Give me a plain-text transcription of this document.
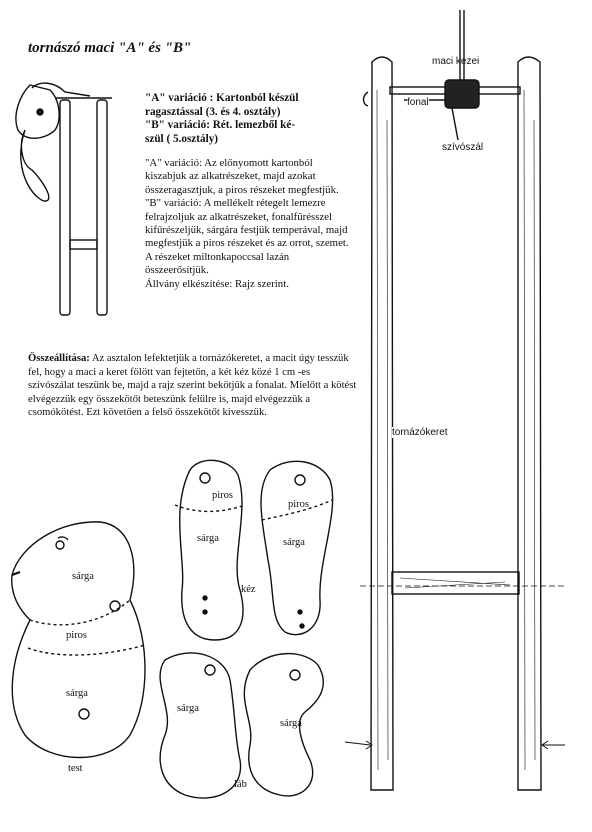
tornászó maci "A" és "B"
"A" variáció : Kartonból készül
ragasztással (3. és 4. osztály)
"B" variáció: Rét. lemezből ké-
szül ( 5.osztály)

"A" variáció: Az előnyomott kartonból kiszabjuk az alkatrészeket, majd azokat összeragasztjuk, a piros részeket megfestjük.

"B" variáció: A mellékelt rétegelt lemezre felrajzoljuk az alkatrészeket, fonalfűrésszel kifűrészeljük, sárgára festjük temperával, majd megfestjük a piros részeket és az orrot, szemet.

A részeket miltonkapoccsal lazán összeerősítjük.

Állvány elkészítése: Rajz szerint.

Összeállítása: Az asztalon lefektetjük a tornázókeretet, a macit úgy tesszük fel, hogy a maci a keret fölött van fejtetőn, a két kéz közé 1 cm -es szívószálat teszünk be, majd a rajz szerint bekötjük a fonalat. Mielőtt a kötést elvégezzük egy összekötőt beteszünk felülre is, majd elvégezzük a csomókötést. Ezt követően a felső összekötőt kivesszük.
maci kezei
fonal
szívószál
tornázókeret
sárga
piros
sárga
test
piros
sárga
piros
sárga
kéz
sárga
sárga
láb
